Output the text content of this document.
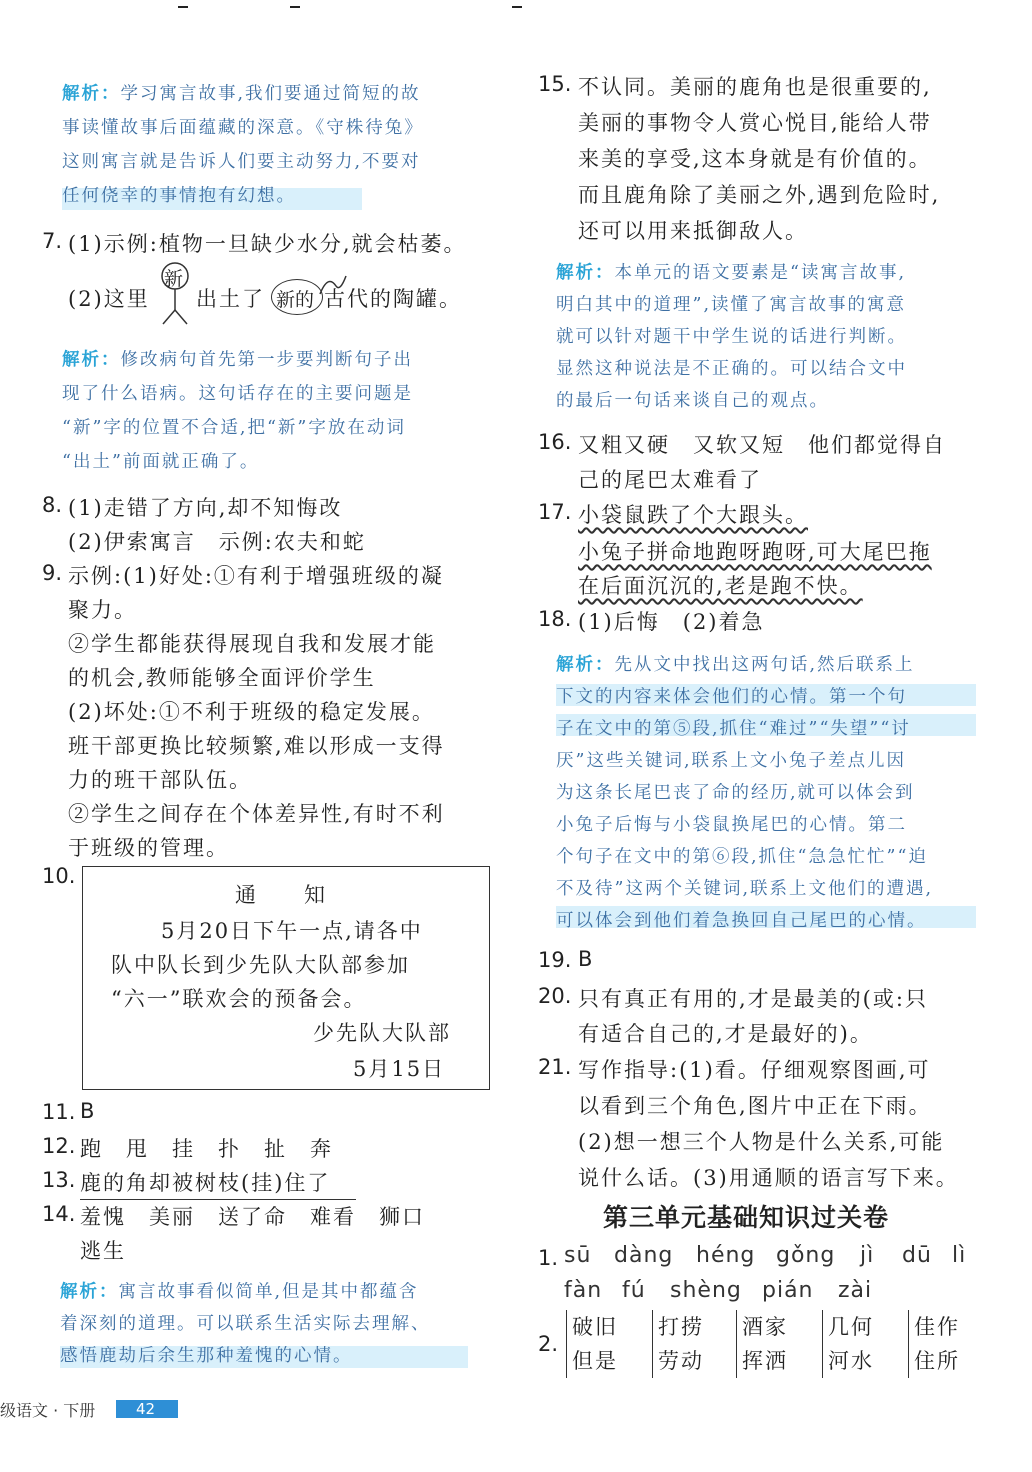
解析：学习寓言故事,我们要通过简短的故
事读懂故事后面蕴藏的深意。《守株待兔》
这则寓言就是告诉人们要主动努力,不要对
任何侥幸的事情抱有幻想。
7. (1)示例:植物一旦缺少水分,就会枯萎。
(2)这里
新
出土了 新的 古代的陶罐。
解析：修改病句首先第一步要判断句子出
现了什么语病。这句话存在的主要问题是
“新”字的位置不合适,把“新”字放在动词
“出土”前面就正确了。
8. (1)走错了方向,却不知悔改
(2)伊索寓言　示例:农夫和蛇
9. 示例:(1)好处:①有利于增强班级的凝
聚力。
②学生都能获得展现自我和发展才能
的机会,教师能够全面评价学生
(2)坏处:①不利于班级的稳定发展。
班干部更换比较频繁,难以形成一支得
力的班干部队伍。
②学生之间存在个体差异性,有时不利
于班级的管理。
10.
通　　知
5月20日下午一点,请各中
队中队长到少先队大队部参加
“六一”联欢会的预备会。
少先队大队部
5月15日
11. B
12. 跑　甩　挂　扑　扯　奔
13. 鹿的角却被树枝(挂)住了
14. 羞愧　美丽　送了命　难看　狮口
逃生
解析：寓言故事看似简单,但是其中都蕴含
着深刻的道理。可以联系生活实际去理解、
感悟鹿劫后余生那种羞愧的心情。
15. 不认同。美丽的鹿角也是很重要的,
美丽的事物令人赏心悦目,能给人带
来美的享受,这本身就是有价值的。
而且鹿角除了美丽之外,遇到危险时,
还可以用来抵御敌人。
解析：本单元的语文要素是“读寓言故事,
明白其中的道理”,读懂了寓言故事的寓意
就可以针对题干中学生说的话进行判断。
显然这种说法是不正确的。可以结合文中
的最后一句话来谈自己的观点。
16. 又粗又硬　又软又短　他们都觉得自
己的尾巴太难看了
17. 小袋鼠跌了个大跟头。
小兔子拼命地跑呀跑呀,可大尾巴拖
在后面沉沉的,老是跑不快。
18. (1)后悔　(2)着急
解析：先从文中找出这两句话,然后联系上
下文的内容来体会他们的心情。第一个句
子在文中的第⑤段,抓住“难过”“失望”“讨
厌”这些关键词,联系上文小兔子差点儿因
为这条长尾巴丧了命的经历,就可以体会到
小兔子后悔与小袋鼠换尾巴的心情。第二
个句子在文中的第⑥段,抓住“急急忙忙”“迫
不及待”这两个关键词,联系上文他们的遭遇,
可以体会到他们着急换回自己尾巴的心情。
19. B
20. 只有真正有用的,才是最美的(或:只
有适合自己的,才是最好的)。
21. 写作指导:(1)看。仔细观察图画,可
以看到三个角色,图片中正在下雨。
(2)想一想三个人物是什么关系,可能
说什么话。(3)用通顺的语言写下来。
第三单元基础知识过关卷
1. sū dàng héng gǒng jì dū lì
fàn fú shèng pián zài
2.
破旧
但是
打捞
劳动
酒家
挥洒
几何
河水
佳作
住所
级语文 · 下册	42
